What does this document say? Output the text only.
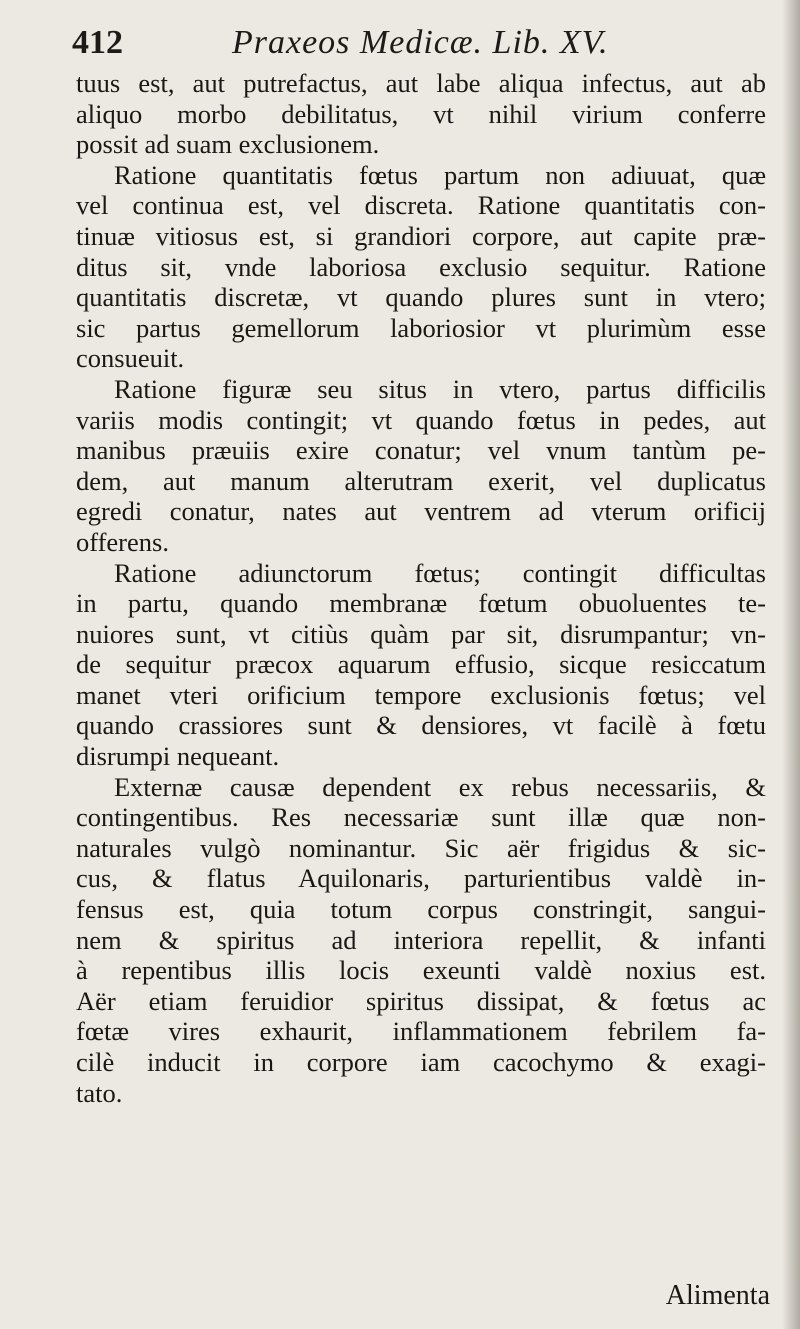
412	Praxeos Medicæ. Lib. XV.
tuus est, aut putrefactus, aut labe aliqua infectus, aut ab
aliquo morbo debilitatus, vt nihil virium conferre
possit ad suam exclusionem.
Ratione quantitatis fœtus partum non adiuuat, quæ
vel continua est, vel discreta. Ratione quantitatis con-
tinuæ vitiosus est, si grandiori corpore, aut capite præ-
ditus sit, vnde laboriosa exclusio sequitur. Ratione
quantitatis discretæ, vt quando plures sunt in vtero;
sic partus gemellorum laboriosior vt plurimùm esse
consueuit.
Ratione figuræ seu situs in vtero, partus difficilis
variis modis contingit; vt quando fœtus in pedes, aut
manibus præuiis exire conatur; vel vnum tantùm pe-
dem, aut manum alterutram exerit, vel duplicatus
egredi conatur, nates aut ventrem ad vterum orificij
offerens.
Ratione adiunctorum fœtus; contingit difficultas
in partu, quando membranæ fœtum obuoluentes te-
nuiores sunt, vt citiùs quàm par sit, disrumpantur; vn-
de sequitur præcox aquarum effusio, sicque resiccatum
manet vteri orificium tempore exclusionis fœtus; vel
quando crassiores sunt & densiores, vt facilè à fœtu
disrumpi nequeant.
Externæ causæ dependent ex rebus necessariis, &
contingentibus. Res necessariæ sunt illæ quæ non-
naturales vulgò nominantur. Sic aër frigidus & sic-
cus, & flatus Aquilonaris, parturientibus valdè in-
fensus est, quia totum corpus constringit, sangui-
nem & spiritus ad interiora repellit, & infanti
à repentibus illis locis exeunti valdè noxius est.
Aër etiam feruidior spiritus dissipat, & fœtus ac
fœtæ vires exhaurit, inflammationem febrilem fa-
cilè inducit in corpore iam cacochymo & exagi-
tato.
Alimenta
